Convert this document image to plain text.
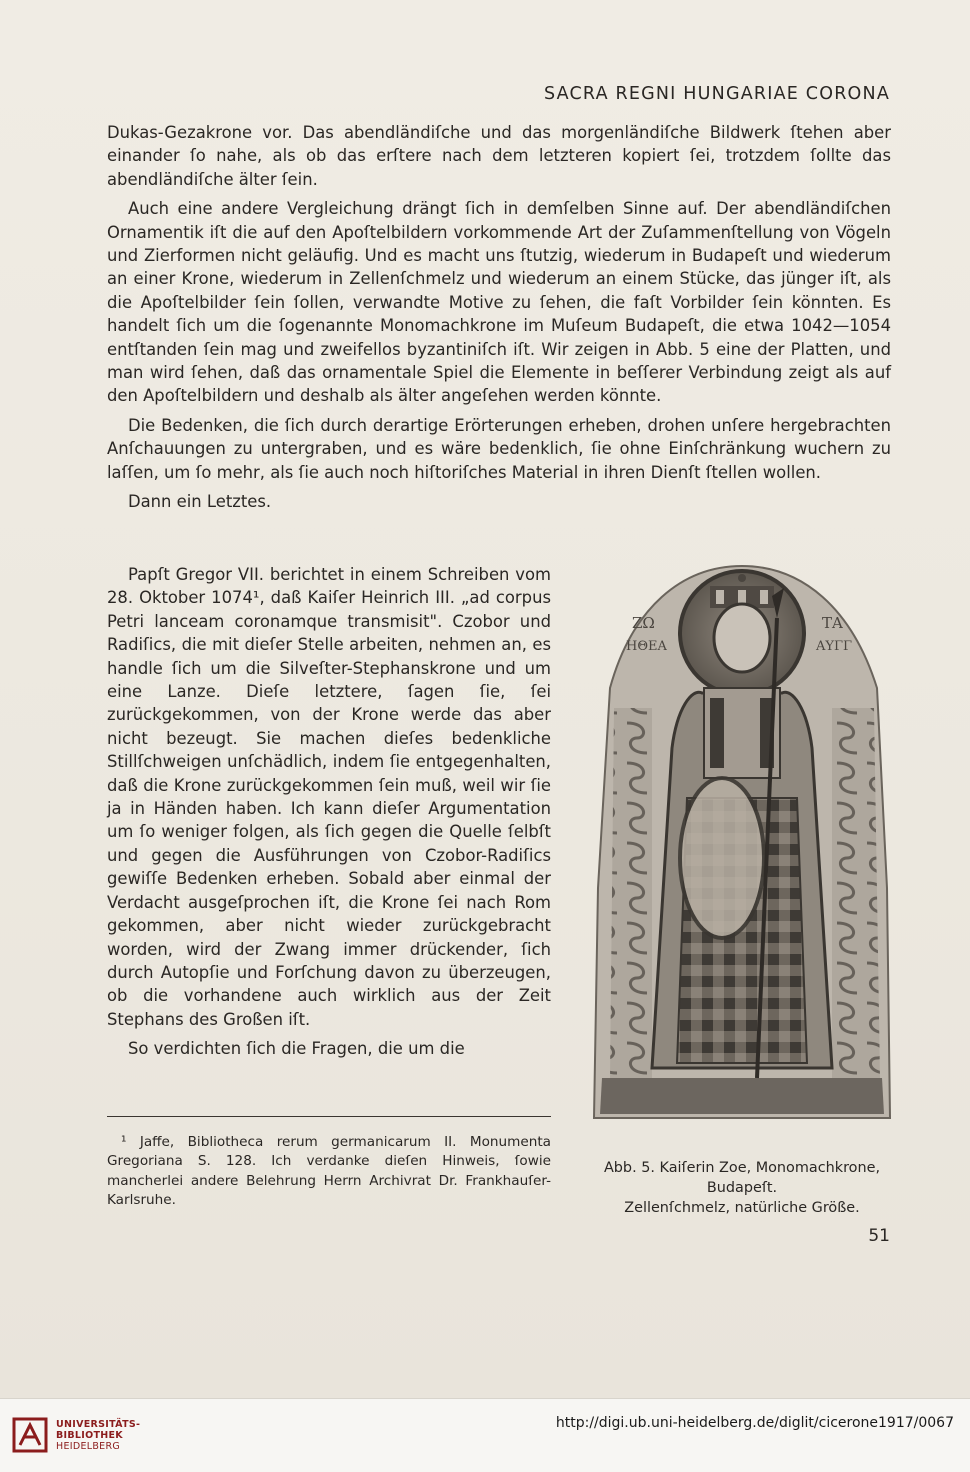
SACRA REGNI HUNGARIAE CORONA

Dukas-Gezakrone vor. Das abendländiſche und das morgenländiſche Bildwerk ſtehen aber einander ſo nahe, als ob das erſtere nach dem letzteren kopiert ſei, trotzdem ſollte das abendländiſche älter ſein.

Auch eine andere Vergleichung drängt ſich in demſelben Sinne auf. Der abendländiſchen Ornamentik iſt die auf den Apoſtelbildern vorkommende Art der Zuſammenſtellung von Vögeln und Zierformen nicht geläufig. Und es macht uns ſtutzig, wiederum in Budapeſt und wiederum an einer Krone, wiederum in Zellenſchmelz und wiederum an einem Stücke, das jünger iſt, als die Apoſtelbilder ſein ſollen, verwandte Motive zu ſehen, die faſt Vorbilder ſein könnten. Es handelt ſich um die ſogenannte Monomachkrone im Muſeum Budapeſt, die etwa 1042—1054 entſtanden ſein mag und zweifellos byzantiniſch iſt. Wir zeigen in Abb. 5 eine der Platten, und man wird ſehen, daß das ornamentale Spiel die Elemente in beſſerer Verbindung zeigt als auf den Apoſtelbildern und deshalb als älter angeſehen werden könnte.

Die Bedenken, die ſich durch derartige Erörterungen erheben, drohen unſere hergebrachten Anſchauungen zu untergraben, und es wäre bedenklich, ſie ohne Einſchränkung wuchern zu laſſen, um ſo mehr, als ſie auch noch hiſtoriſches Material in ihren Dienſt ſtellen wollen.

Dann ein Letztes.

Papſt Gregor VII. berichtet in einem Schreiben vom 28. Oktober 1074¹, daß Kaiſer Heinrich III. „ad corpus Petri lanceam coronamque transmisit". Czobor und Radiſics, die mit dieſer Stelle arbeiten, nehmen an, es handle ſich um die Silveſter-Stephanskrone und um eine Lanze. Dieſe letztere, ſagen ſie, ſei zurückgekommen, von der Krone werde das aber nicht bezeugt. Sie machen dieſes bedenkliche Stillſchweigen unſchädlich, indem ſie entgegenhalten, daß die Krone zurückgekommen ſein muß, weil wir ſie ja in Händen haben. Ich kann dieſer Argumentation um ſo weniger folgen, als ſich gegen die Quelle ſelbſt und gegen die Ausführungen von Czobor-Radiſics gewiſſe Bedenken erheben. Sobald aber einmal der Verdacht ausgeſprochen iſt, die Krone ſei nach Rom gekommen, aber nicht wieder zurückgebracht worden, wird der Zwang immer drückender, ſich durch Autopſie und Forſchung davon zu überzeugen, ob die vorhandene auch wirklich aus der Zeit Stephans des Großen iſt.

So verdichten ſich die Fragen, die um die

¹ Jaffe, Bibliotheca rerum germanicarum II. Monumenta Gregoriana S. 128. Ich verdanke dieſen Hinweis, ſowie mancherlei andere Belehrung Herrn Archivrat Dr. Frankhauſer-Karlsruhe.
ΖΩ
ΗΘΕΑ
ΤΑ
ΑΥΓΓ
Abb. 5. Kaiſerin Zoe, Monomachkrone,
Budapeſt.
Zellenſchmelz, natürliche Größe.
51
UNIVERSITÄTS-
BIBLIOTHEK
HEIDELBERG
http://digi.ub.uni-heidelberg.de/diglit/cicerone1917/0067
